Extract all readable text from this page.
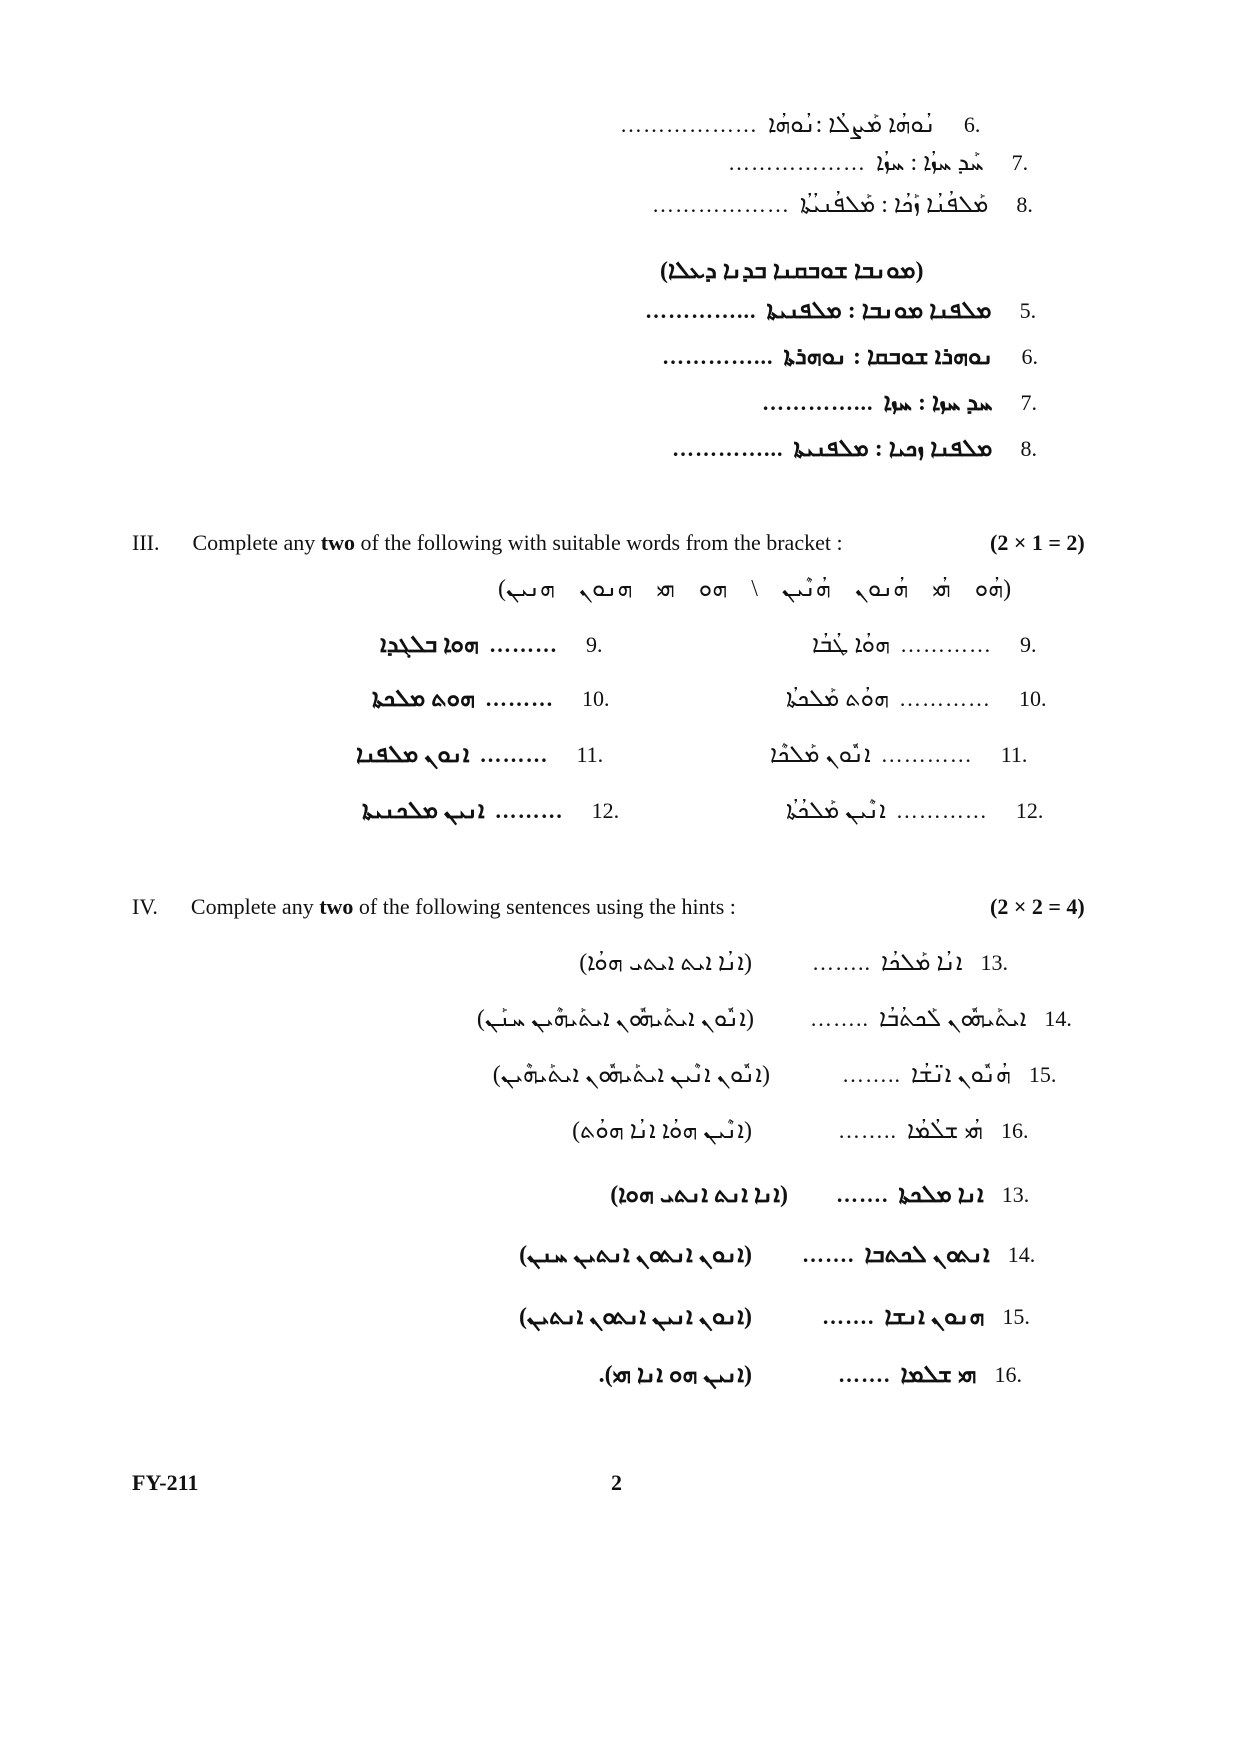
……………… ܢܳܘܗܳܐ ܡܰܨܠܳܐ :ܢܳܘܗܳܐ 6.
……………… ܚܰܕ ܚܙܳܐ : ܚܙܳܐ 7.
……………… ܡܰܠܦܳܢܳܐ ܙܰܟܳܐ : ܡܰܠܦܳܢܝܳܬܳܐ 8.
(ܡܘܢܒܐ ܫܘܒܩܢܐ ܒܕܢܐ ܕܥܠܐ)
…………... ܡܠܦܢܐ ܡܘܢܒܐ : ܡܠܦܢܝܬܐ 5.
…………... ܢܘܗܪܐ ܫܘܒܩܐ : ܢܘܗܪܬܐ 6.
…………... ܚܕ ܚܙܐ : ܚܙܐ 7.
…………... ܡܠܦܢܐ ܙܟܝܐ : ܡܠܦܢܝܬܐ 8.
III. Complete any two of the following with suitable words from the bracket :	(2 × 1 = 2)
(ܗܳܘ ܗܳܝ ܗܳܢܘܢ ܗܳܢܶܝܢ \ ܗܘ ܗܝ ܗܢܘܢ ܗܢܝܢ)
ܗܘܳܐ ܛܳܒܳܐ ………… 9.
ܗܘܳܬ ܡܰܠܟܬܳܐ ………… 10.
ܐܢܽܘܢ ܡܰܠܟܶܐ ………… 11.
ܐܢܶܝܢ ܡܰܠܟܳܬܳܐ ………… 12.
ܗܘܐ ܒܠܓܕܐ ……… 9.
ܗܘܬ ܡܠܟܬܐ ……… 10.
ܐܢܘܢ ܡܠܦܢܐ ……… 11.
ܐܢܝܢ ܡܠܟܢܝܬܐ ……… 12.
IV. Complete any two of the following sentences using the hints :	(2 × 2 = 4)
(ܐܢܳܐ ܐܝܬ ܐܝܬܝ ܗܘܳܐ)	…….. ܐܢܳܐ ܡܰܠܟܳܐ 13.
(ܐܢܽܘܢ ܐܝܬܰܝܗܽܘܢ ܐܝܬܰܝܗܶܝܢ ܚܢܰܢ)	…….. ܐܝܬܰܝܗܽܘܢ ܠܰܟܬܳܒܳܐ 14.
(ܐܢܽܘܢ ܐܢܶܝܢ ܐܝܬܰܝܗܽܘܢ ܐܝܬܰܝܗܶܝܢ)	…….. ܗܳܢܽܘܢ ܐܢ̈ܫܳܐ 15.
(ܐܢܶܝܢ ܗܘܳܐ ܐܢܳܐ ܗܘܳܬ)	…….. ܗܳܝ ܫܠܳܡܳܐ 16.
(ܐܢܐ ܐܢܬ ܐܢܬܝ ܗܘܐ) ……. ܐܢܐ ܡܠܟܬܐ 13.
(ܐܢܘܢ ܐܢܬܘܢ ܐܢܬܝܢ ܚܢܢ) ……. ܐܢܬܘܢ ܠܟܬܒܐ 14.
(ܐܢܘܢ ܐܢܝܢ ܐܢܬܘܢ ܐܢܬܝܢ)	……. ܗܢܘܢ ܐܢܫܐ 15.
(ܐܢܝܢ ܗܘ ܐܢܐ ܗܝ).	……. ܗܝ ܫܠܡܐ 16.
FY-211	2
